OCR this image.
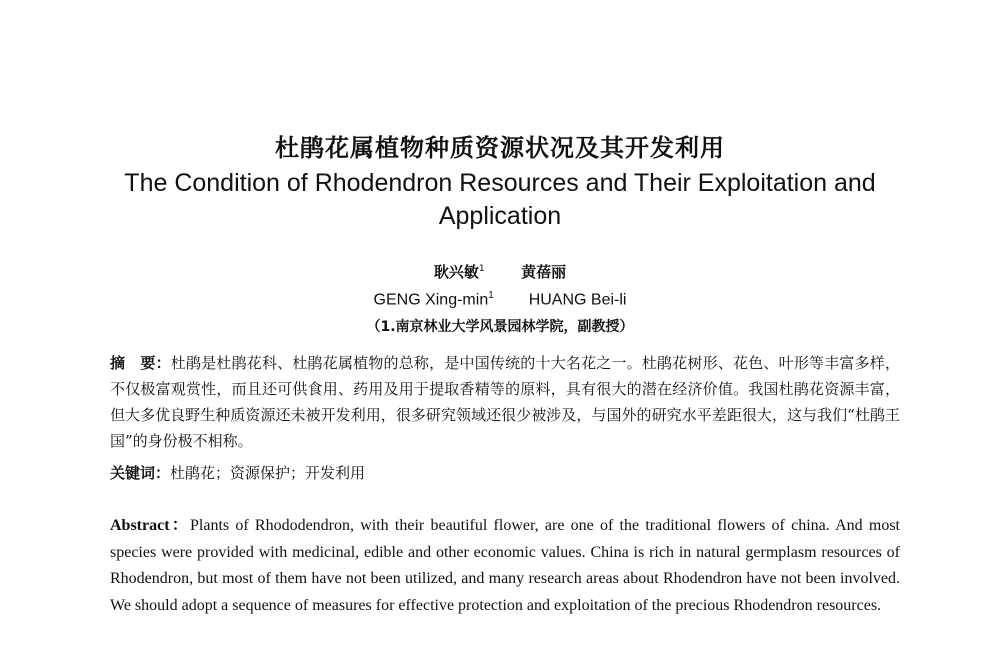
杜鹃花属植物种质资源状况及其开发利用
The Condition of Rhodendron Resources and Their Exploitation and Application
耿兴敏$^1$ 黄蓓丽
GENG Xing-$\min^1$ HUANG Bei-li
（1.南京林业大学风景园林学院，副教授）
摘　要：杜鹃是杜鹃花科、杜鹃花属植物的总称，是中国传统的十大名花之一。杜鹃花树形、花色、叶形等丰富多样，不仅极富观赏性，而且还可供食用、药用及用于提取香精等的原料，具有很大的潜在经济价值。我国杜鹃花资源丰富，但大多优良野生种质资源还未被开发利用，很多研究领域还很少被涉及，与国外的研究水平差距很大，这与我们“杜鹃王国”的身份极不相称。
关键词：杜鹃花；资源保护；开发利用
Abstract：Plants of Rhododendron, with their beautiful flower, are one of the traditional flowers of china. And most species were provided with medicinal, edible and other economic values. China is rich in natural germplasm resources of Rhodendron, but most of them have not been utilized, and many research areas about Rhodendron have not been involved. We should adopt a sequence of measures for effective protection and exploitation of the precious Rhodendron resources.
